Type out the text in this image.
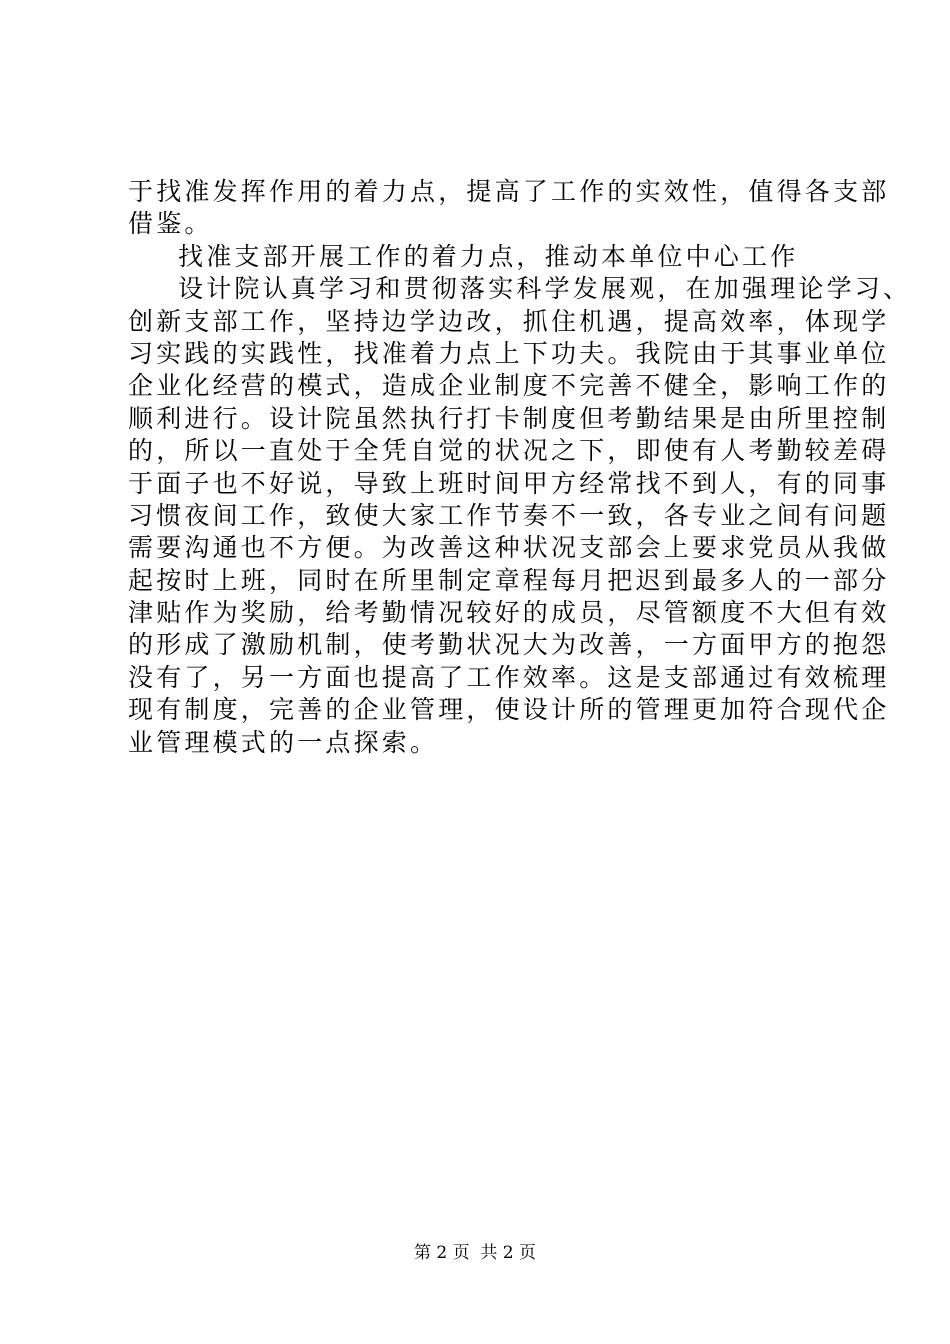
于找准发挥作用的着力点，提高了工作的实效性，值得各支部
借鉴。
找准支部开展工作的着力点，推动本单位中心工作
设计院认真学习和贯彻落实科学发展观，在加强理论学习、
创新支部工作，坚持边学边改，抓住机遇，提高效率，体现学
习实践的实践性，找准着力点上下功夫。我院由于其事业单位
企业化经营的模式，造成企业制度不完善不健全，影响工作的
顺利进行。设计院虽然执行打卡制度但考勤结果是由所里控制
的，所以一直处于全凭自觉的状况之下，即使有人考勤较差碍
于面子也不好说，导致上班时间甲方经常找不到人，有的同事
习惯夜间工作，致使大家工作节奏不一致，各专业之间有问题
需要沟通也不方便。为改善这种状况支部会上要求党员从我做
起按时上班，同时在所里制定章程每月把迟到最多人的一部分
津贴作为奖励，给考勤情况较好的成员，尽管额度不大但有效
的形成了激励机制，使考勤状况大为改善，一方面甲方的抱怨
没有了，另一方面也提高了工作效率。这是支部通过有效梳理
现有制度，完善的企业管理，使设计所的管理更加符合现代企
业管理模式的一点探索。
第 2 页  共 2 页
